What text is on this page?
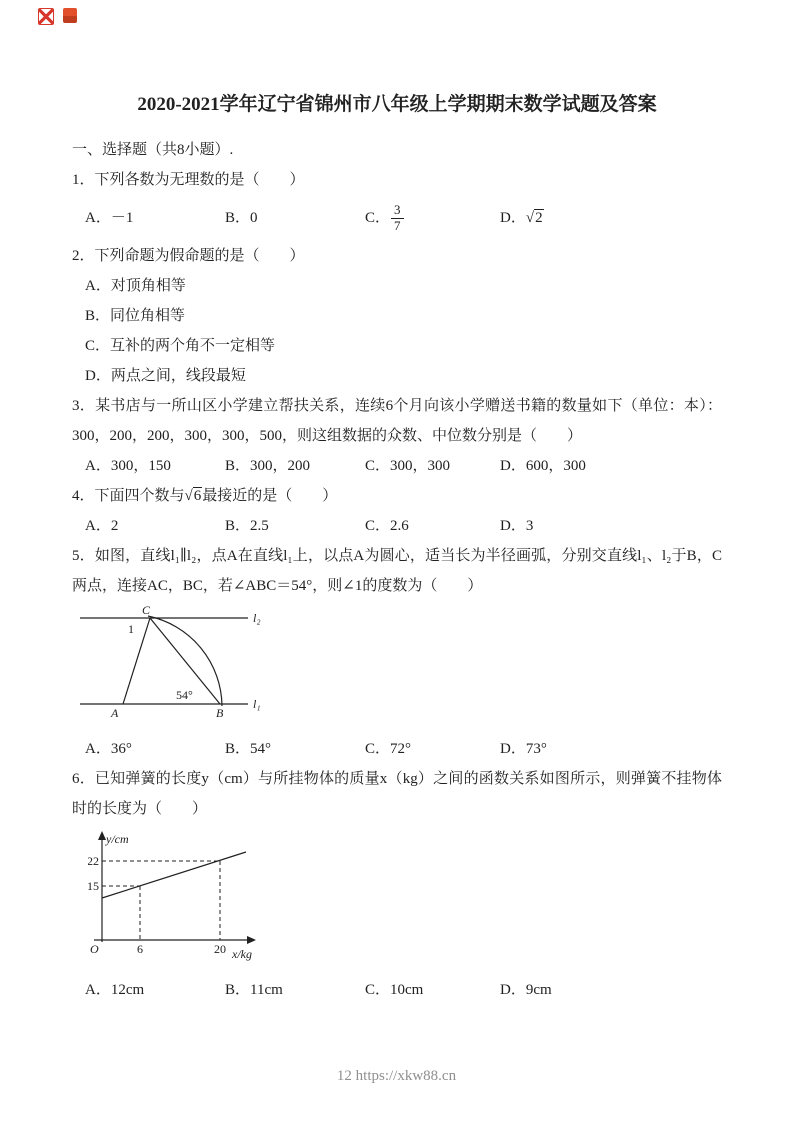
2020-2021学年辽宁省锦州市八年级上学期期末数学试题及答案
一、选择题（共8小题）.
1．下列各数为无理数的是（　　）
A．－1	B．0	C． $\frac{3}{7}$	D．√2
2．下列命题为假命题的是（　　）
A．对顶角相等
B．同位角相等
C．互补的两个角不一定相等
D．两点之间，线段最短
3．某书店与一所山区小学建立帮扶关系，连续6个月向该小学赠送书籍的数量如下（单位：本）：300，200，200，300，300，500，则这组数据的众数、中位数分别是（　　）
A．300，150	B．300，200	C．300，300	D．600，300
4．下面四个数与√6最接近的是（　　）
A．2	B．2.5	C．2.6	D．3
5．如图，直线l₁∥l₂，点A在直线l₁上，以点A为圆心，适当长为半径画弧，分别交直线l₁、l₂于B，C两点，连接AC，BC，若∠ABC＝54°，则∠1的度数为（　　）
C
1
l₂
l₁
A	B
54°
A．36°	B．54°	C．72°	D．73°
6．已知弹簧的长度y（cm）与所挂物体的质量x（kg）之间的函数关系如图所示，则弹簧不挂物体时的长度为（　　）
y/cm
x/kg
O
22
15
6	20
A．12cm	B．11cm	C．10cm	D．9cm
12 https://xkw88.cn
